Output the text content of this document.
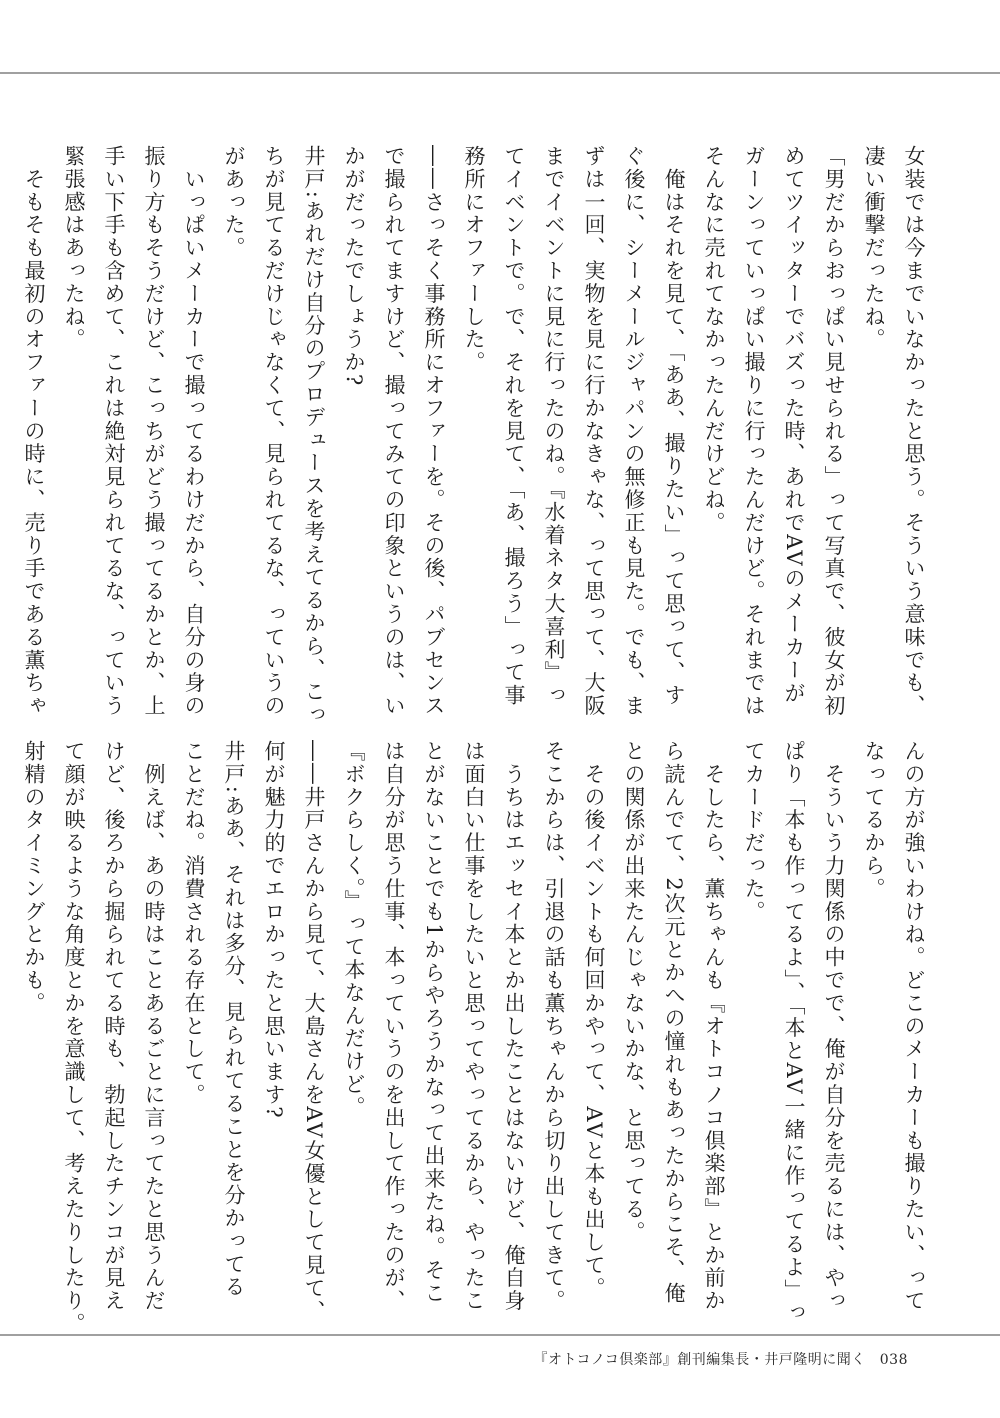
女装では今までいなかったと思う。そういう意味でも、
凄い衝撃だったね。
「男だからおっぱい見せられる」って写真で、彼女が初
めてツイッターでバズった時、あれでAVのメーカーが
ガーンっていっぱい撮りに行ったんだけど。それまでは
そんなに売れてなかったんだけどね。
　俺はそれを見て、「ああ、撮りたい」って思って、す
ぐ後に、シーメールジャパンの無修正も見た。でも、ま
ずは一回、実物を見に行かなきゃな、って思って、大阪
までイベントに見に行ったのね。『水着ネタ大喜利』っ
てイベントで。で、それを見て、「あ、撮ろう」って事
務所にオファーした。
――さっそく事務所にオファーを。その後、パブセンス
で撮られてますけど、撮ってみての印象というのは、い
かがだったでしょうか?
井戸:あれだけ自分のプロデュースを考えてるから、こっ
ちが見てるだけじゃなくて、見られてるな、っていうの
があった。
　いっぱいメーカーで撮ってるわけだから、自分の身の
振り方もそうだけど、こっちがどう撮ってるかとか、上
手い下手も含めて、これは絶対見られてるな、っていう
緊張感はあったね。
　そもそも最初のオファーの時に、売り手である薫ちゃ
んの方が強いわけね。どこのメーカーも撮りたい、って
なってるから。
　そういう力関係の中でで、俺が自分を売るには、やっ
ぱり「本も作ってるよ」、「本とAV一緒に作ってるよ」っ
てカードだった。
　そしたら、薫ちゃんも『オトコノコ倶楽部』とか前か
ら読んでて、2次元とかへの憧れもあったからこそ、俺
との関係が出来たんじゃないかな、と思ってる。
　その後イベントも何回かやって、AVと本も出して。
そこからは、引退の話も薫ちゃんから切り出してきて。
　うちはエッセイ本とか出したことはないけど、俺自身
は面白い仕事をしたいと思ってやってるから、やったこ
とがないことでも1からやろうかなって出来たね。そこ
は自分が思う仕事、本っていうのを出して作ったのが、
『ボクらしく。』って本なんだけど。
――井戸さんから見て、大島さんをAV女優として見て、
何が魅力的でエロかったと思います?
井戸:ああ、それは多分、見られてることを分かってる
ことだね。消費される存在として。
　例えば、あの時はことあるごとに言ってたと思うんだ
けど、後ろから掘られてる時も、勃起したチンコが見え
て顔が映るような角度とかを意識して、考えたりしたり。
射精のタイミングとかも。
『オトコノコ倶楽部』創刊編集長・井戸隆明に聞く 038
